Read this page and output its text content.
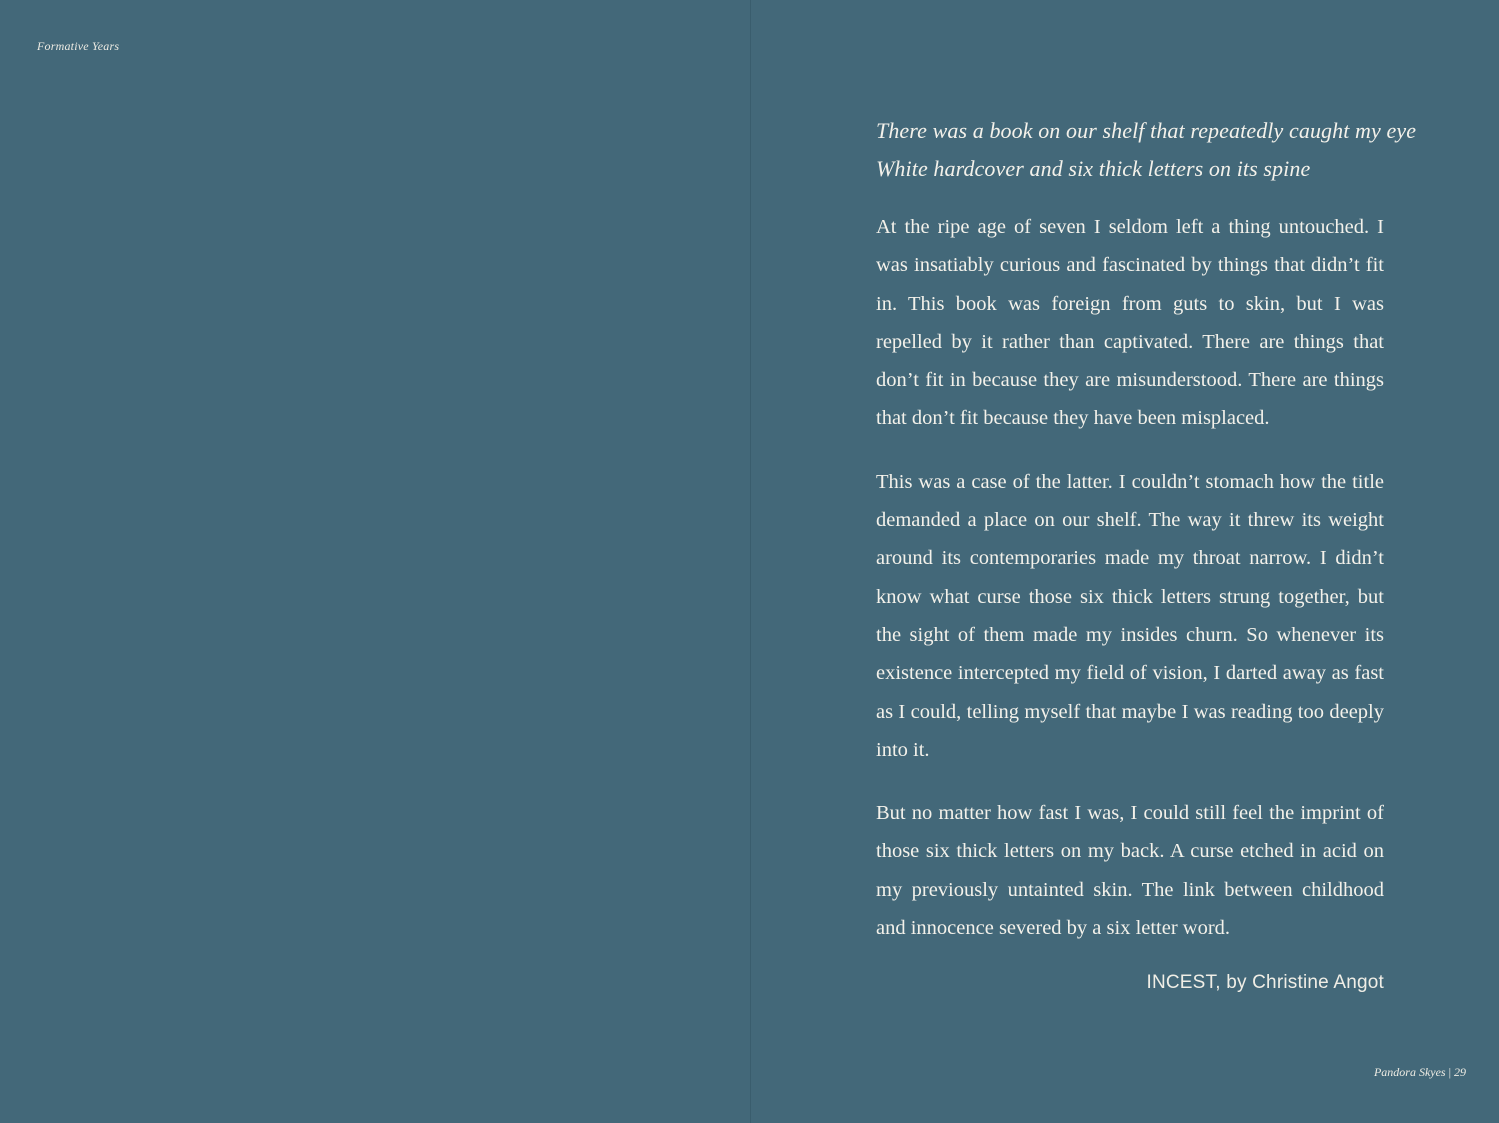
Formative Years
There was a book on our shelf that repeatedly caught my eye
White hardcover and six thick letters on its spine

At the ripe age of seven I seldom left a thing untouched. I was insatiably curious and fascinated by things that didn’t fit in. This book was foreign from guts to skin, but I was repelled by it rather than captivated. There are things that don’t fit in because they are misunderstood. There are things that don’t fit because they have been misplaced.

This was a case of the latter. I couldn’t stomach how the title demanded a place on our shelf. The way it threw its weight around its contemporaries made my throat narrow. I didn’t know what curse those six thick letters strung together, but the sight of them made my insides churn. So whenever its existence intercepted my field of vision, I darted away as fast as I could, telling myself that maybe I was reading too deeply into it.

But no matter how fast I was, I could still feel the imprint of those six thick letters on my back. A curse etched in acid on my previously untainted skin. The link between childhood and innocence severed by a six letter word.

INCEST, by Christine Angot
Pandora Skyes | 29
